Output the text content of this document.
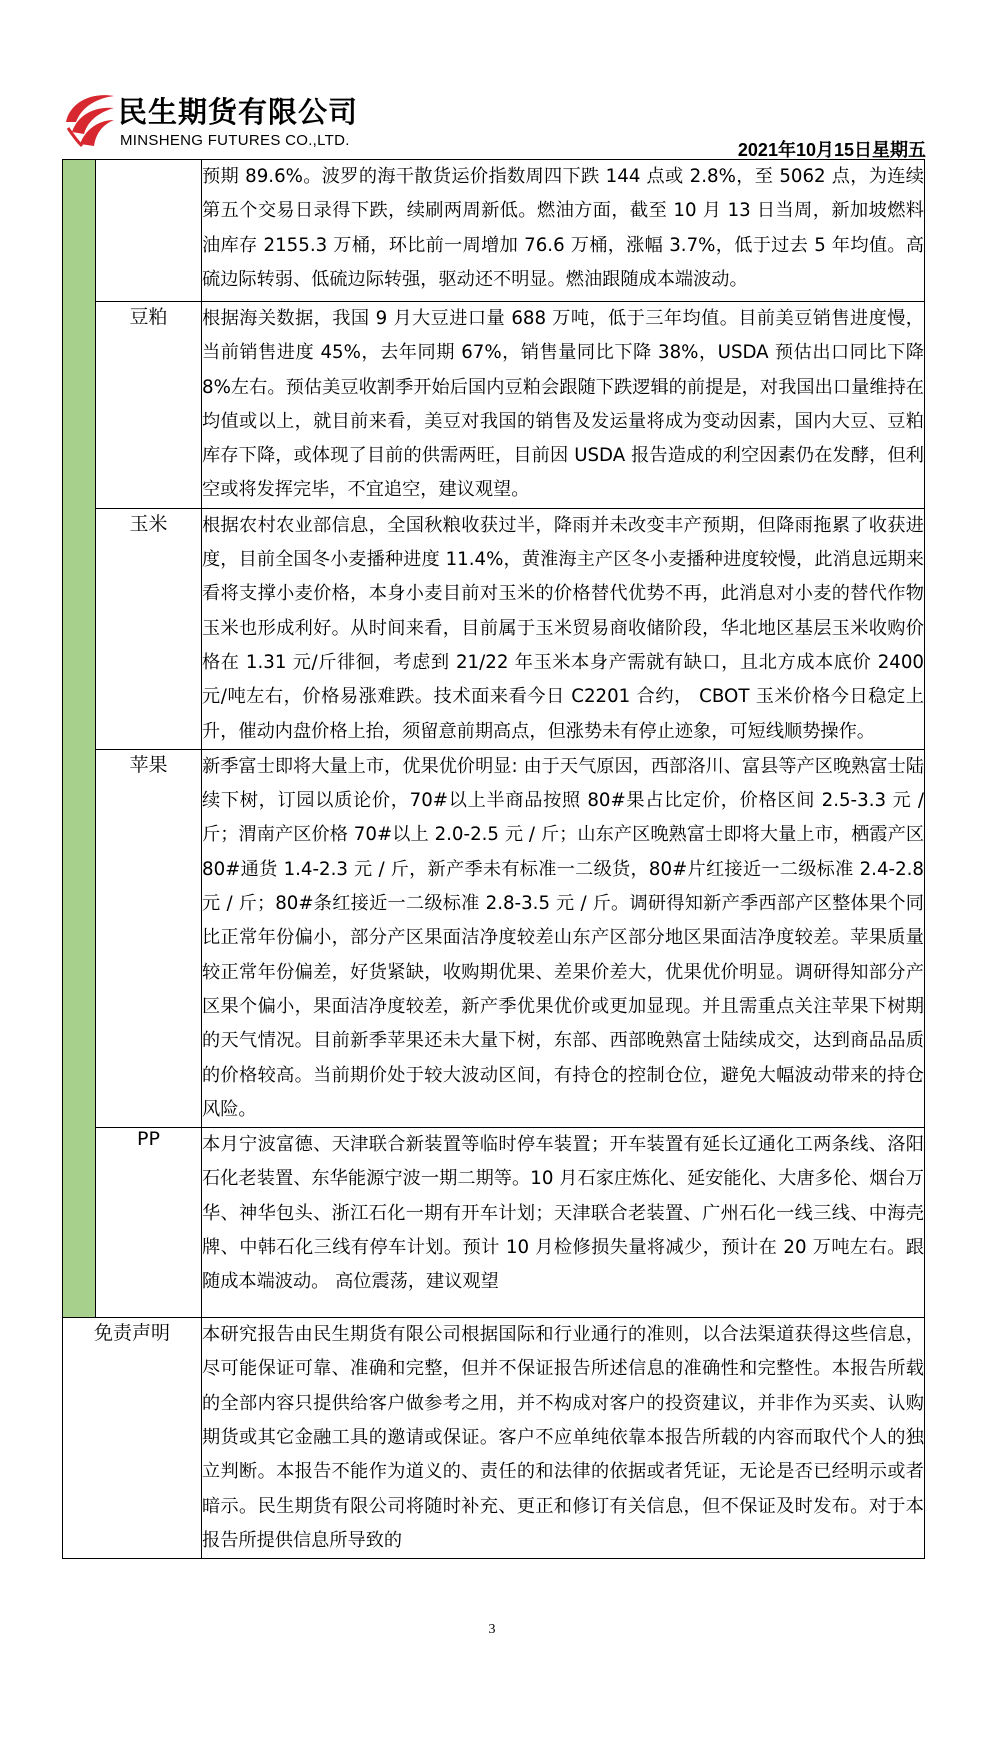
民生期货有限公司
MINSHENG FUTURES CO.,LTD.	2021年10月15日星期五
		预期 89.6%。波罗的海干散货运价指数周四下跌 144 点或 2.8%，至 5062 点，为连续第五个交易日录得下跌，续刷两周新低。燃油方面，截至 10 月 13 日当周，新加坡燃料油库存 2155.3 万桶，环比前一周增加 76.6 万桶，涨幅 3.7%，低于过去 5 年均值。高硫边际转弱、低硫边际转强，驱动还不明显。燃油跟随成本端波动。
	豆粕	根据海关数据，我国 9 月大豆进口量 688 万吨，低于三年均值。目前美豆销售进度慢，当前销售进度 45%，去年同期 67%，销售量同比下降 38%，USDA 预估出口同比下降 8%左右。预估美豆收割季开始后国内豆粕会跟随下跌逻辑的前提是，对我国出口量维持在均值或以上，就目前来看，美豆对我国的销售及发运量将成为变动因素，国内大豆、豆粕库存下降，或体现了目前的供需两旺，目前因 USDA 报告造成的利空因素仍在发酵，但利空或将发挥完毕，不宜追空，建议观望。
	玉米	根据农村农业部信息，全国秋粮收获过半，降雨并未改变丰产预期，但降雨拖累了收获进度，目前全国冬小麦播种进度 11.4%，黄淮海主产区冬小麦播种进度较慢，此消息远期来看将支撑小麦价格，本身小麦目前对玉米的价格替代优势不再，此消息对小麦的替代作物玉米也形成利好。从时间来看，目前属于玉米贸易商收储阶段，华北地区基层玉米收购价格在 1.31 元/斤徘徊，考虑到 21/22 年玉米本身产需就有缺口，且北方成本底价 2400 元/吨左右，价格易涨难跌。技术面来看今日 C2201 合约， CBOT 玉米价格今日稳定上升，催动内盘价格上抬，须留意前期高点，但涨势未有停止迹象，可短线顺势操作。
	苹果	新季富士即将大量上市，优果优价明显: 由于天气原因，西部洛川、富县等产区晚熟富士陆续下树，订园以质论价，70#以上半商品按照 80#果占比定价，价格区间 2.5-3.3 元 / 斤；渭南产区价格 70#以上 2.0-2.5 元 / 斤；山东产区晚熟富士即将大量上市，栖霞产区 80#通货 1.4-2.3 元 / 斤，新产季未有标准一二级货，80#片红接近一二级标准 2.4-2.8 元 / 斤；80#条红接近一二级标准 2.8-3.5 元 / 斤。调研得知新产季西部产区整体果个同比正常年份偏小，部分产区果面洁净度较差山东产区部分地区果面洁净度较差。苹果质量较正常年份偏差，好货紧缺，收购期优果、差果价差大，优果优价明显。调研得知部分产区果个偏小，果面洁净度较差，新产季优果优价或更加显现。并且需重点关注苹果下树期的天气情况。目前新季苹果还未大量下树，东部、西部晚熟富士陆续成交，达到商品品质的价格较高。当前期价处于较大波动区间，有持仓的控制仓位，避免大幅波动带来的持仓风险。
	PP	本月宁波富德、天津联合新装置等临时停车装置；开车装置有延长辽通化工两条线、洛阳石化老装置、东华能源宁波一期二期等。10 月石家庄炼化、延安能化、大唐多伦、烟台万华、神华包头、浙江石化一期有开车计划；天津联合老装置、广州石化一线三线、中海壳牌、中韩石化三线有停车计划。预计 10 月检修损失量将减少，预计在 20 万吨左右。跟随成本端波动。 高位震荡，建议观望
免责声明		本研究报告由民生期货有限公司根据国际和行业通行的准则，以合法渠道获得这些信息，尽可能保证可靠、准确和完整，但并不保证报告所述信息的准确性和完整性。本报告所载的全部内容只提供给客户做参考之用，并不构成对客户的投资建议，并非作为买卖、认购期货或其它金融工具的邀请或保证。客户不应单纯依靠本报告所载的内容而取代个人的独立判断。本报告不能作为道义的、责任的和法律的依据或者凭证，无论是否已经明示或者暗示。民生期货有限公司将随时补充、更正和修订有关信息，但不保证及时发布。对于本报告所提供信息所导致的
3
